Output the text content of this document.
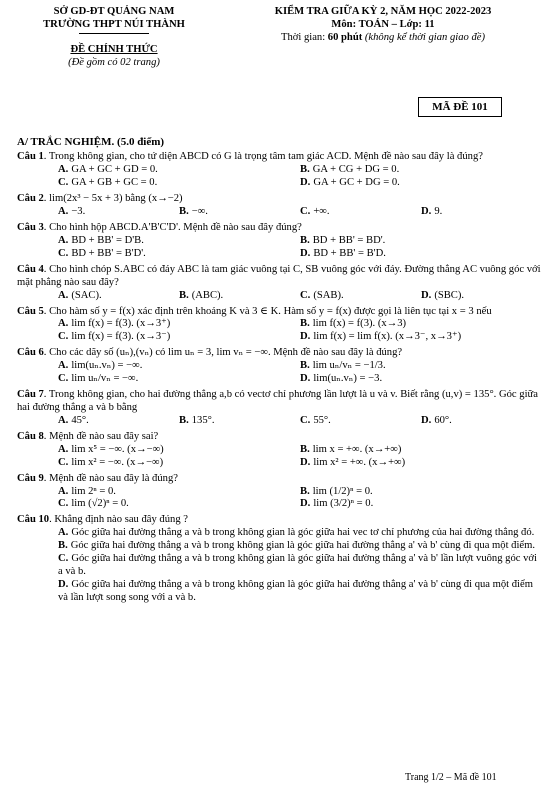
SỞ GD-ĐT QUẢNG NAM
TRƯỜNG THPT NÚI THÀNH
ĐỀ CHÍNH THỨC
(Đề gồm có 02 trang)
KIỂM TRA GIỮA KỲ 2, NĂM HỌC 2022-2023
Môn: TOÁN – Lớp: 11
Thời gian: 60 phút (không kể thời gian giao đề)
MÃ ĐỀ 101
A/ TRẮC NGHIỆM. (5.0 điểm)
Câu 1. Trong không gian, cho tứ diện ABCD có G là trọng tâm tam giác ACD. Mệnh đề nào sau đây là đúng?
A. GA + GC + GD = 0.	B. GA + CG + DG = 0.
C. GA + GB + GC = 0.	D. GA + GC + DG = 0.
Câu 2. lim(2x³ − 5x + 3) bằng (x→−2)
A. −3.	B. −∞.	C. +∞.	D. 9.
Câu 3. Cho hình hộp ABCD.A'B'C'D'. Mệnh đề nào sau đây đúng?
A. BD + BB' = D'B.	B. BD + BB' = BD'.
C. BD + BB' = B'D'.	D. BD + BB' = B'D.
Câu 4. Cho hình chóp S.ABC có đáy ABC là tam giác vuông tại C, SB vuông góc với đáy. Đường thẳng AC vuông góc với mặt phẳng nào sau đây?
A. (SAC).	B. (ABC).	C. (SAB).	D. (SBC).
Câu 5. Cho hàm số y = f(x) xác định trên khoảng K và 3 ∈ K. Hàm số y = f(x) được gọi là liên tục tại x = 3 nếu
A. lim f(x) = f(3). (x→3⁺)	B. lim f(x) = f(3). (x→3)
C. lim f(x) = f(3). (x→3⁻)	D. lim f(x) = lim f(x). (x→3⁻, x→3⁺)
Câu 6. Cho các dãy số (uₙ),(vₙ) có lim uₙ = 3, lim vₙ = −∞. Mệnh đề nào sau đây là đúng?
A. lim(uₙ.vₙ) = −∞.	B. lim uₙ/vₙ = −1/3.
C. lim uₙ/vₙ = −∞.	D. lim(uₙ.vₙ) = −3.
Câu 7. Trong không gian, cho hai đường thẳng a,b có vectơ chỉ phương lần lượt là u và v. Biết rằng (u,v) = 135°. Góc giữa hai đường thẳng a và b bằng
A. 45°.	B. 135°.	C. 55°.	D. 60°.
Câu 8. Mệnh đề nào sau đây sai?
A. lim x⁵ = −∞. (x→−∞)	B. lim x = +∞. (x→+∞)
C. lim x² = −∞. (x→−∞)	D. lim x² = +∞. (x→+∞)
Câu 9. Mệnh đề nào sau đây là đúng?
A. lim 2ⁿ = 0.	B. lim (1/2)ⁿ = 0.
C. lim (√2)ⁿ = 0.	D. lim (3/2)ⁿ = 0.
Câu 10. Khẳng định nào sau đây đúng ?
A. Góc giữa hai đường thẳng a và b trong không gian là góc giữa hai vec tơ chỉ phương của hai đường thẳng đó.
B. Góc giữa hai đường thẳng a và b trong không gian là góc giữa hai đường thẳng a' và b' cùng đi qua một điểm.
C. Góc giữa hai đường thẳng a và b trong không gian là góc giữa hai đường thẳng a' và b' lần lượt vuông góc với a và b.
D. Góc giữa hai đường thẳng a và b trong không gian là góc giữa hai đường thẳng a' và b' cùng đi qua một điểm và lần lượt song song với a và b.
Trang 1/2 – Mã đề 101
